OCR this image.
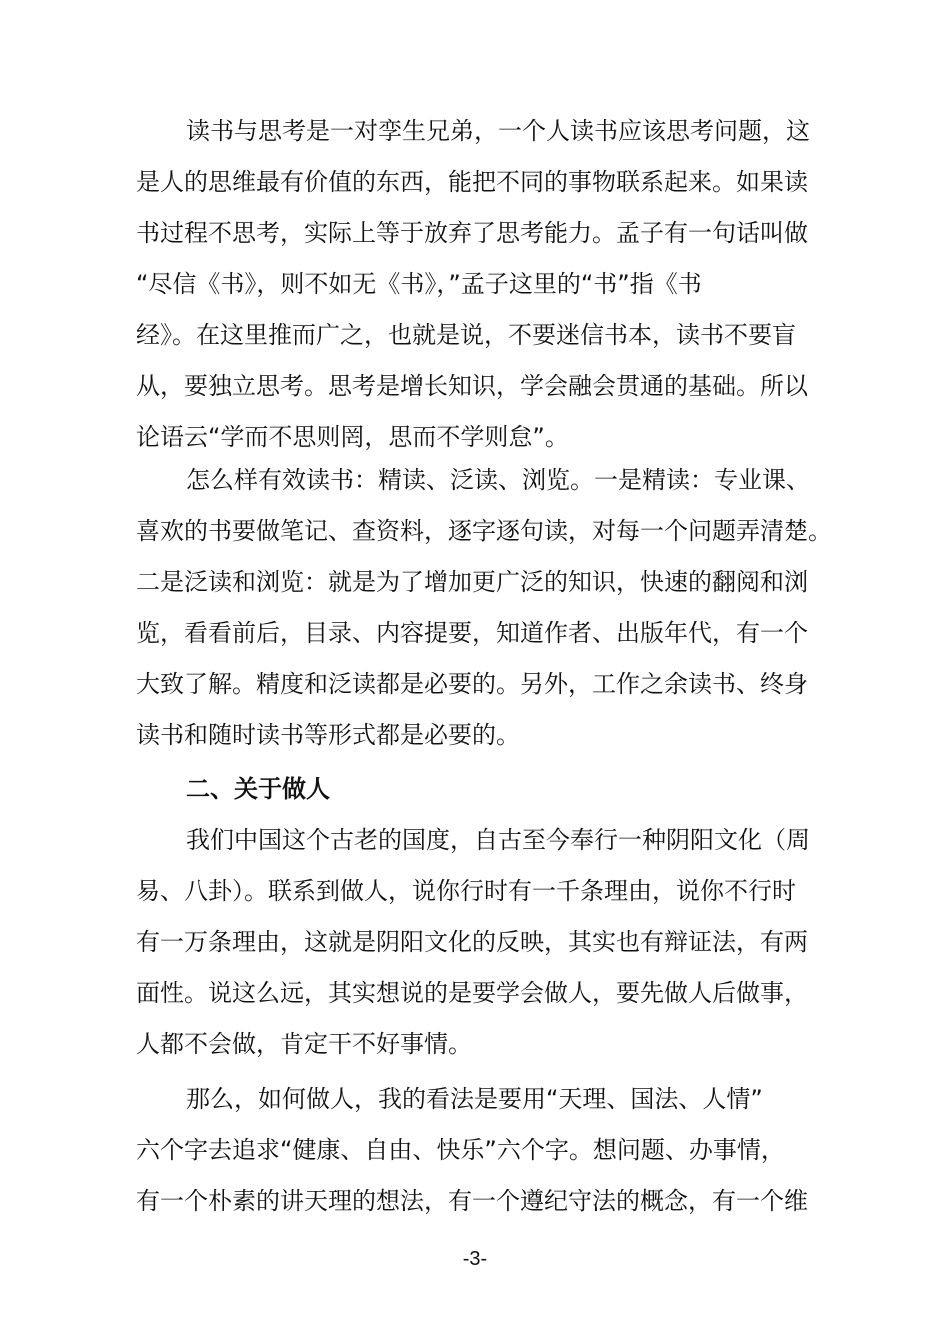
读书与思考是一对孪生兄弟，一个人读书应该思考问题，这
是人的思维最有价值的东西，能把不同的事物联系起来。如果读
书过程不思考，实际上等于放弃了思考能力。孟子有一句话叫做
“尽信《书》，则不如无《书》，”孟子这里的“书”指《书
经》。在这里推而广之，也就是说，不要迷信书本，读书不要盲
从，要独立思考。思考是增长知识，学会融会贯通的基础。所以
论语云“学而不思则罔，思而不学则怠”。
怎么样有效读书：精读、泛读、浏览。一是精读：专业课、
喜欢的书要做笔记、查资料，逐字逐句读，对每一个问题弄清楚。
二是泛读和浏览：就是为了增加更广泛的知识，快速的翻阅和浏
览，看看前后，目录、内容提要，知道作者、出版年代，有一个
大致了解。精度和泛读都是必要的。另外，工作之余读书、终身
读书和随时读书等形式都是必要的。
二、关于做人
我们中国这个古老的国度，自古至今奉行一种阴阳文化（周
易、八卦）。联系到做人，说你行时有一千条理由，说你不行时
有一万条理由，这就是阴阳文化的反映，其实也有辩证法，有两
面性。说这么远，其实想说的是要学会做人，要先做人后做事，
人都不会做，肯定干不好事情。
那么，如何做人，我的看法是要用“天理、国法、人情”
六个字去追求“健康、自由、快乐”六个字。想问题、办事情，
有一个朴素的讲天理的想法，有一个遵纪守法的概念，有一个维
-3-
